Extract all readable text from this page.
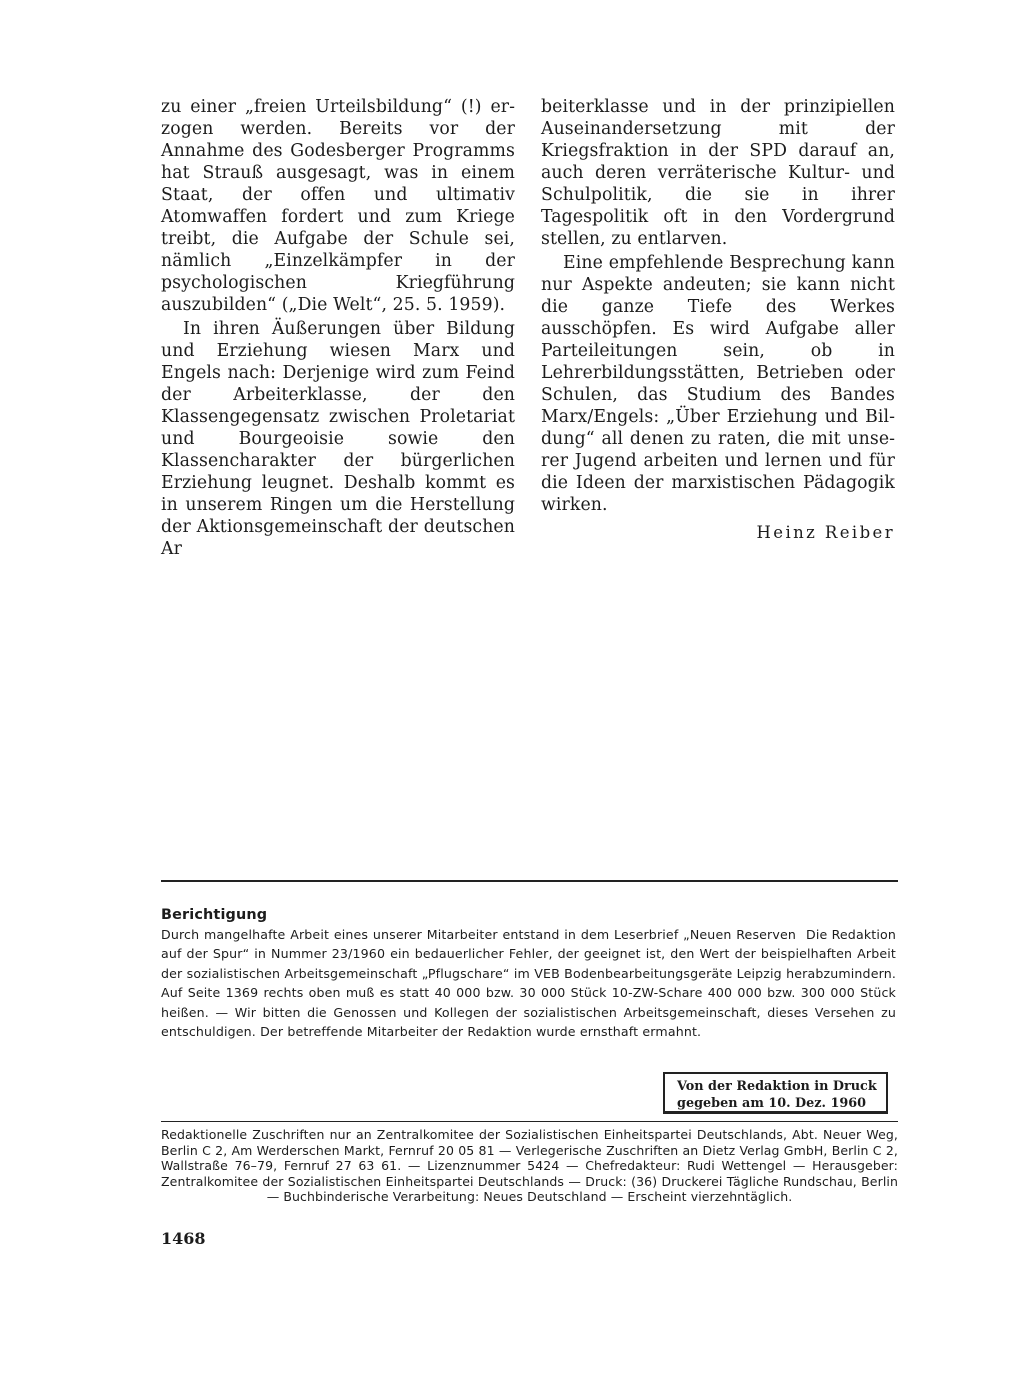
zu einer „freien Urteilsbildung“ (!) erzogen werden. Bereits vor der Annahme des Godesberger Programms hat Strauß ausgesagt, was in einem Staat, der offen und ultimativ Atomwaffen fordert und zum Kriege treibt, die Aufgabe der Schule sei, nämlich „Einzelkämpfer in der psychologischen Kriegführung auszubilden“ („Die Welt“, 25. 5. 1959).

In ihren Äußerungen über Bildung und Erziehung wiesen Marx und Engels nach: Derjenige wird zum Feind der Arbeiterklasse, der den Klassengegensatz zwischen Proletariat und Bourgeoisie sowie den Klassencharakter der bürgerlichen Erziehung leugnet. Deshalb kommt es in unserem Ringen um die Herstellung der Aktionsgemeinschaft der deutschen Ar

beiterklasse und in der prinzipiellen Auseinandersetzung mit der Kriegsfraktion in der SPD darauf an, auch deren verräterische Kultur- und Schulpolitik, die sie in ihrer Tagespolitik oft in den Vordergrund stellen, zu entlarven.

Eine empfehlende Besprechung kann nur Aspekte andeuten; sie kann nicht die ganze Tiefe des Werkes ausschöpfen. Es wird Aufgabe aller Parteileitungen sein, ob in Lehrerbildungsstätten, Betrieben oder Schulen, das Studium des Bandes Marx/Engels: „Über Erziehung und Bildung“ all denen zu raten, die mit unserer Jugend arbeiten und lernen und für die Ideen der marxistischen Pädagogik wirken.

Heinz Reiber
Berichtigung

Die Redaktion
Durch mangelhafte Arbeit eines unserer Mitarbeiter entstand in dem Leserbrief „Neuen Reserven auf der Spur“ in Nummer 23/1960 ein bedauerlicher Fehler, der geeignet ist, den Wert der beispielhaften Arbeit der sozialistischen Arbeitsgemeinschaft „Pflugschare“ im VEB Bodenbearbeitungsgeräte Leipzig herabzumindern. Auf Seite 1369 rechts oben muß es statt 40 000 bzw. 30 000 Stück 10-ZW-Schare 400 000 bzw. 300 000 Stück heißen. — Wir bitten die Genossen und Kollegen der sozialistischen Arbeitsgemeinschaft, dieses Versehen zu entschuldigen. Der betreffende Mitarbeiter der Redaktion wurde ernsthaft ermahnt.

Von der Redaktion in Druck
gegeben am 10. Dez. 1960

Redaktionelle Zuschriften nur an Zentralkomitee der Sozialistischen Einheitspartei Deutschlands, Abt. Neuer Weg, Berlin C 2, Am Werderschen Markt, Fernruf 20 05 81 — Verlegerische Zuschriften an Dietz Verlag GmbH, Berlin C 2, Wallstraße 76–79, Fernruf 27 63 61. — Lizenznummer 5424 — Chefredakteur: Rudi Wettengel — Herausgeber: Zentralkomitee der Sozialistischen Einheitspartei Deutschlands — Druck: (36) Druckerei Tägliche Rundschau, Berlin — Buchbinderische Verarbeitung: Neues Deutschland — Erscheint vierzehntäglich.

1468
